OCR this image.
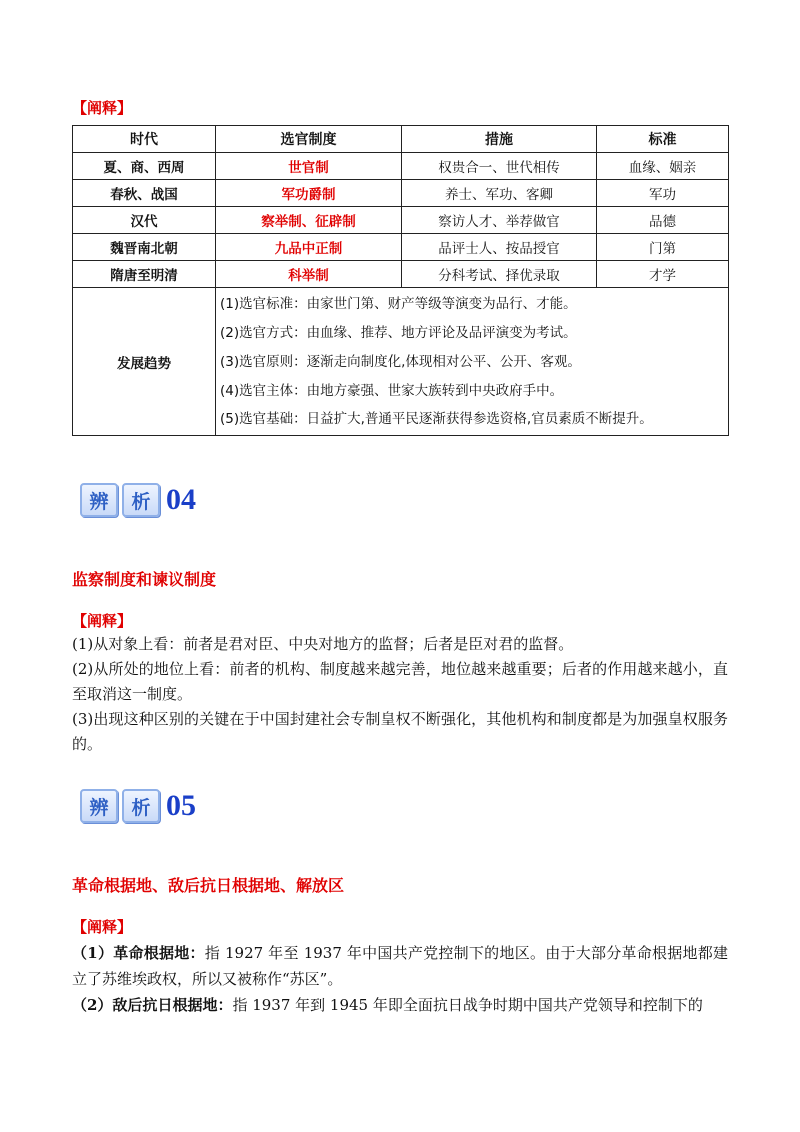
【阐释】
时代	选官制度	措施	标准
夏、商、西周	世官制	权贵合一、世代相传	血缘、姻亲
春秋、战国	军功爵制	养士、军功、客卿	军功
汉代	察举制、征辟制	察访人才、举荐做官	品德
魏晋南北朝	九品中正制	品评士人、按品授官	门第
隋唐至明清	科举制	分科考试、择优录取	才学
发展趋势	(1)选官标准：由家世门第、财产等级等演变为品行、才能。
(2)选官方式：由血缘、推荐、地方评论及品评演变为考试。
(3)选官原则：逐渐走向制度化,体现相对公平、公开、客观。
(4)选官主体：由地方豪强、世家大族转到中央政府手中。
(5)选官基础：日益扩大,普通平民逐渐获得参选资格,官员素质不断提升。		
辨	析 04
监察制度和谏议制度
【阐释】

(1)从对象上看：前者是君对臣、中央对地方的监督；后者是臣对君的监督。

(2)从所处的地位上看：前者的机构、制度越来越完善，地位越来越重要；后者的作用越来越小，直至取消这一制度。

(3)出现这种区别的关键在于中国封建社会专制皇权不断强化，其他机构和制度都是为加强皇权服务的。

辨	析 05
革命根据地、敌后抗日根据地、解放区
【阐释】

（1）革命根据地：指 1927 年至 1937 年中国共产党控制下的地区。由于大部分革命根据地都建立了苏维埃政权，所以又被称作“苏区”。

（2）敌后抗日根据地：指 1937 年到 1945 年即全面抗日战争时期中国共产党领导和控制下的
